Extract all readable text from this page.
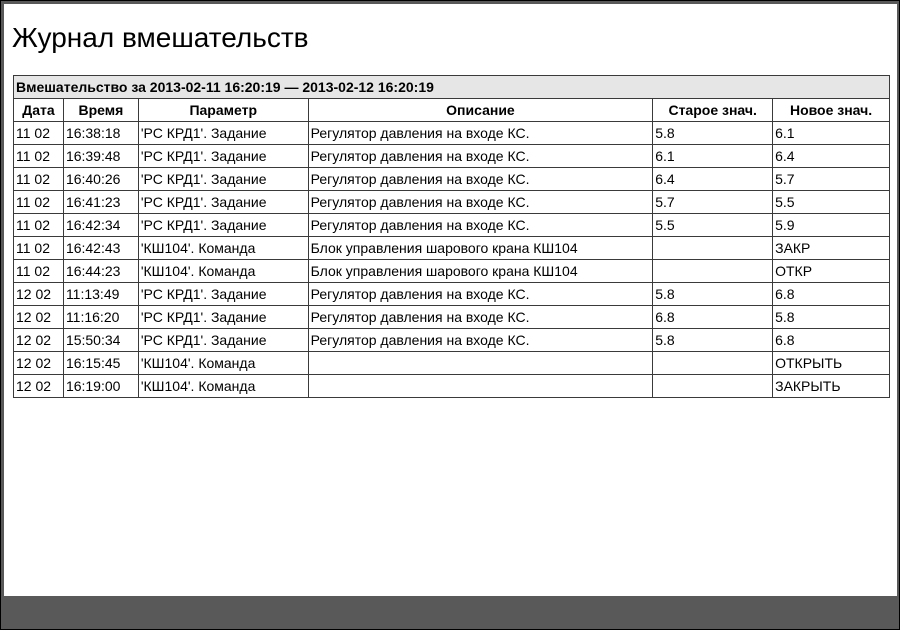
Журнал вмешательств
Вмешательство за 2013-02-11 16:20:19 — 2013-02-12 16:20:19					
Дата	Время	Параметр	Описание	Старое знач.	Новое знач.
11 02	16:38:18	'РС КРД1'. Задание	Регулятор давления на входе КС.	5.8	6.1
11 02	16:39:48	'РС КРД1'. Задание	Регулятор давления на входе КС.	6.1	6.4
11 02	16:40:26	'РС КРД1'. Задание	Регулятор давления на входе КС.	6.4	5.7
11 02	16:41:23	'РС КРД1'. Задание	Регулятор давления на входе КС.	5.7	5.5
11 02	16:42:34	'РС КРД1'. Задание	Регулятор давления на входе КС.	5.5	5.9
11 02	16:42:43	'КШ104'. Команда	Блок управления шарового крана КШ104		ЗАКР
11 02	16:44:23	'КШ104'. Команда	Блок управления шарового крана КШ104		ОТКР
12 02	11:13:49	'РС КРД1'. Задание	Регулятор давления на входе КС.	5.8	6.8
12 02	11:16:20	'РС КРД1'. Задание	Регулятор давления на входе КС.	6.8	5.8
12 02	15:50:34	'РС КРД1'. Задание	Регулятор давления на входе КС.	5.8	6.8
12 02	16:15:45	'КШ104'. Команда			ОТКРЫТЬ
12 02	16:19:00	'КШ104'. Команда			ЗАКРЫТЬ
